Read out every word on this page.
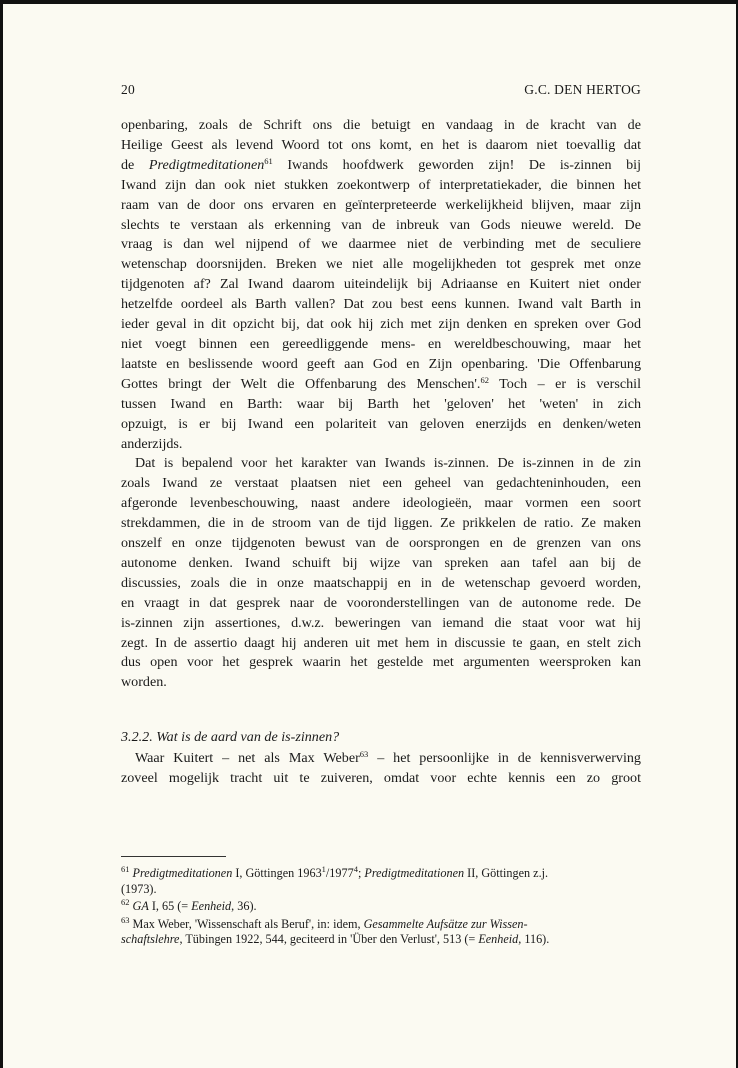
20	G.C. DEN HERTOG

openbaring, zoals de Schrift ons die betuigt en vandaag in de kracht van de
Heilige Geest als levend Woord tot ons komt, en het is daarom niet toevallig dat
de Predigtmeditationen$^{61}$ Iwands hoofdwerk geworden zijn! De is-zinnen bij
Iwand zijn dan ook niet stukken zoekontwerp of interpretatiekader, die binnen het
raam van de door ons ervaren en geïnterpreteerde werkelijkheid blijven, maar zijn
slechts te verstaan als erkenning van de inbreuk van Gods nieuwe wereld. De
vraag is dan wel nijpend of we daarmee niet de verbinding met de seculiere
wetenschap doorsnijden. Breken we niet alle mogelijkheden tot gesprek met onze
tijdgenoten af? Zal Iwand daarom uiteindelijk bij Adriaanse en Kuitert niet onder
hetzelfde oordeel als Barth vallen? Dat zou best eens kunnen. Iwand valt Barth in
ieder geval in dit opzicht bij, dat ook hij zich met zijn denken en spreken over God
niet voegt binnen een gereedliggende mens- en wereldbeschouwing, maar het
laatste en beslissende woord geeft aan God en Zijn openbaring. 'Die Offenbarung
Gottes bringt der Welt die Offenbarung des Menschen'.$^{62}$ Toch – er is verschil
tussen Iwand en Barth: waar bij Barth het 'geloven' het 'weten' in zich
opzuigt, is er bij Iwand een polariteit van geloven enerzijds en denken/weten
anderzijds.

Dat is bepalend voor het karakter van Iwands is-zinnen. De is-zinnen in de zin
zoals Iwand ze verstaat plaatsen niet een geheel van gedachteninhouden, een
afgeronde levenbeschouwing, naast andere ideologieën, maar vormen een soort
strekdammen, die in de stroom van de tijd liggen. Ze prikkelen de ratio. Ze maken
onszelf en onze tijdgenoten bewust van de oorsprongen en de grenzen van ons
autonome denken. Iwand schuift bij wijze van spreken aan tafel aan bij de
discussies, zoals die in onze maatschappij en in de wetenschap gevoerd worden,
en vraagt in dat gesprek naar de vooronderstellingen van de autonome rede. De
is-zinnen zijn assertiones, d.w.z. beweringen van iemand die staat voor wat hij
zegt. In de assertio daagt hij anderen uit met hem in discussie te gaan, en stelt zich
dus open voor het gesprek waarin het gestelde met argumenten weersproken kan
worden.

3.2.2. Wat is de aard van de is-zinnen?
Waar Kuitert – net als Max Weber$^{63}$ – het persoonlijke in de kennisverwerving
zoveel mogelijk tracht uit te zuiveren, omdat voor echte kennis een zo groot
$^{61}$ Predigtmeditationen I, Göttingen 1963$^1$/1977$^4$; Predigtmeditationen II, Göttingen z.j.
(1973).
$^{62}$ GA I, 65 (= Eenheid, 36).
$^{63}$ Max Weber, 'Wissenschaft als Beruf', in: idem, Gesammelte Aufsätze zur Wissen-
schaftslehre, Tübingen 1922, 544, geciteerd in 'Über den Verlust', 513 (= Eenheid, 116).
